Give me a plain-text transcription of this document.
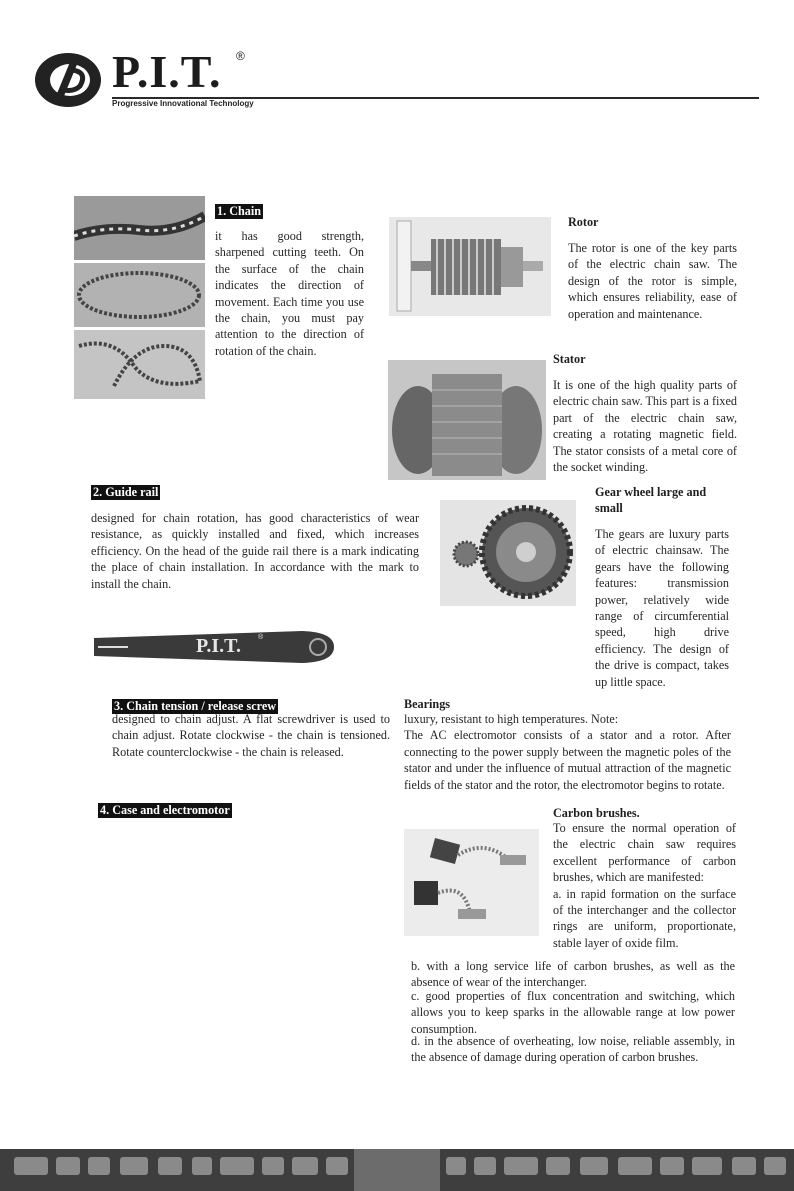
P.I.T. ®
Progressive Innovational Technology
1. Chain

it has good strength, sharpened cutting teeth. On the surface of the chain indicates the direction of movement. Each time you use the chain, you must pay attention to the direction of rotation of the chain.

Rotor

The rotor is one of the key parts of the electric chain saw. The design of the rotor is simple, which ensures reliability, ease of operation and maintenance.

Stator

It is one of the high quality parts of electric chain saw. This part is a fixed part of the electric chain saw, creating a rotating magnetic field. The stator consists of a metal core of the socket winding.

2. Guide rail

designed for chain rotation, has good characteristics of wear resistance, as quickly installed and fixed, which increases efficiency. On the head of the guide rail there is a mark indicating the place of chain installation. In accordance with the mark to install the chain.

P.I.T. ®

Gear wheel large and small

The gears are luxury parts of electric chainsaw. The gears have the following features: transmission power, relatively wide range of circumferential speed, high drive efficiency. The design of the drive is compact, takes up little space.

3. Chain tension / release screw

designed to chain adjust. A flat screwdriver is used to chain adjust. Rotate clockwise - the chain is tensioned. Rotate counterclockwise - the chain is released.

Bearings

luxury, resistant to high temperatures. Note:
The AC electromotor consists of a stator and a rotor. After connecting to the power supply between the magnetic poles of the stator and under the influence of mutual attraction of the magnetic fields of the stator and the rotor, the electromotor begins to rotate.

4. Case and electromotor	Carbon brushes.

To ensure the normal operation of the electric chain saw requires excellent performance of carbon brushes, which are manifested:
a. in rapid formation on the surface of the interchanger and the collector rings are uniform, proportionate, stable layer of oxide film.

b. with a long service life of carbon brushes, as well as the absence of wear of the interchanger.

c. good properties of flux concentration and switching, which allows you to keep sparks in the allowable range at low power consumption.

d. in the absence of overheating, low noise, reliable assembly, in the absence of damage during operation of carbon brushes.
